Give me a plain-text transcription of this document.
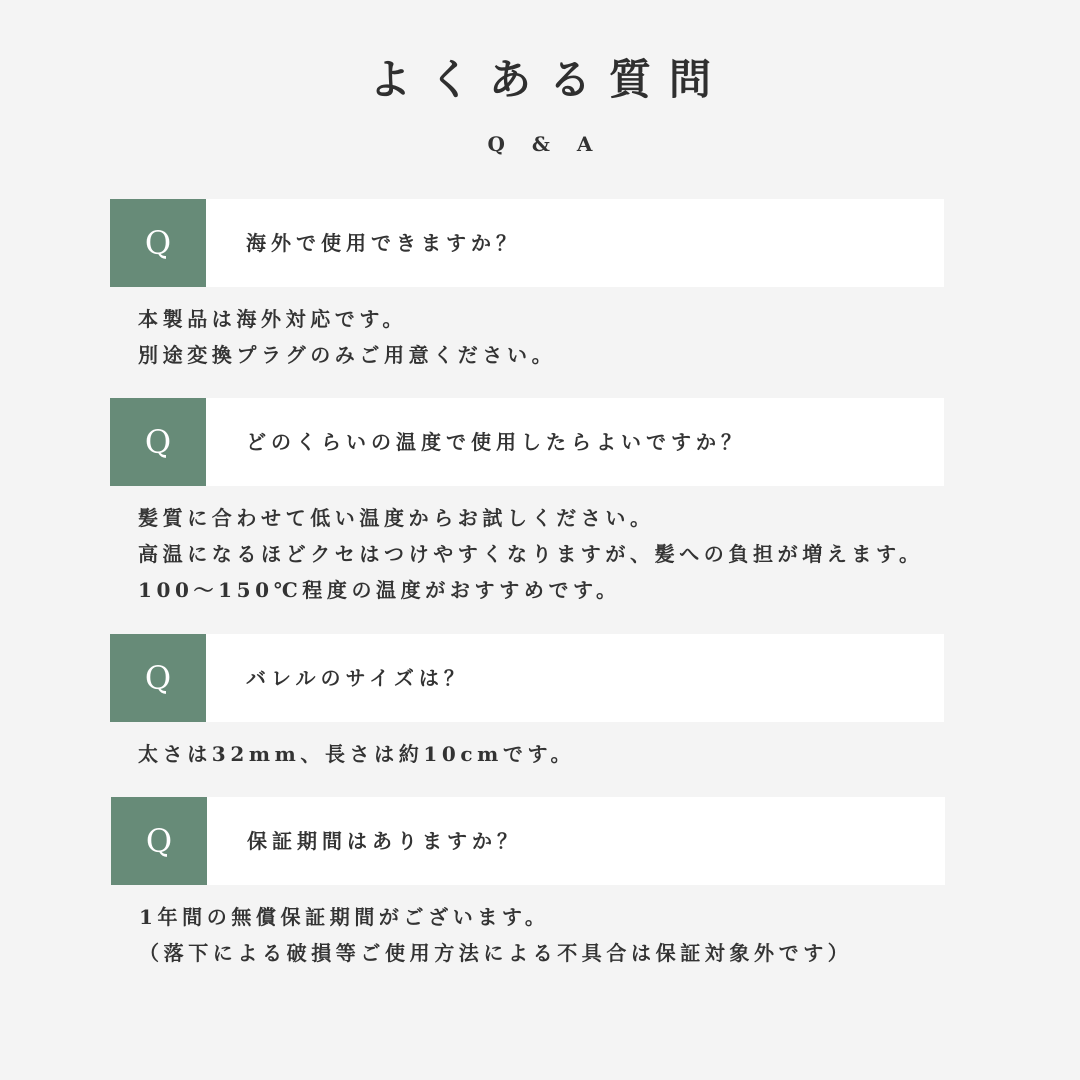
よくある質問
Q & A
Q	海外で使用できますか？
本製品は海外対応です。
別途変換プラグのみご用意ください。
Q	どのくらいの温度で使用したらよいですか？
髪質に合わせて低い温度からお試しください。
高温になるほどクセはつけやすくなりますが、髪への負担が増えます。
100〜150℃程度の温度がおすすめです。
Q	バレルのサイズは？
太さは32mm、長さは約10cmです。
Q	保証期間はありますか？
1年間の無償保証期間がございます。
（落下による破損等ご使用方法による不具合は保証対象外です）
